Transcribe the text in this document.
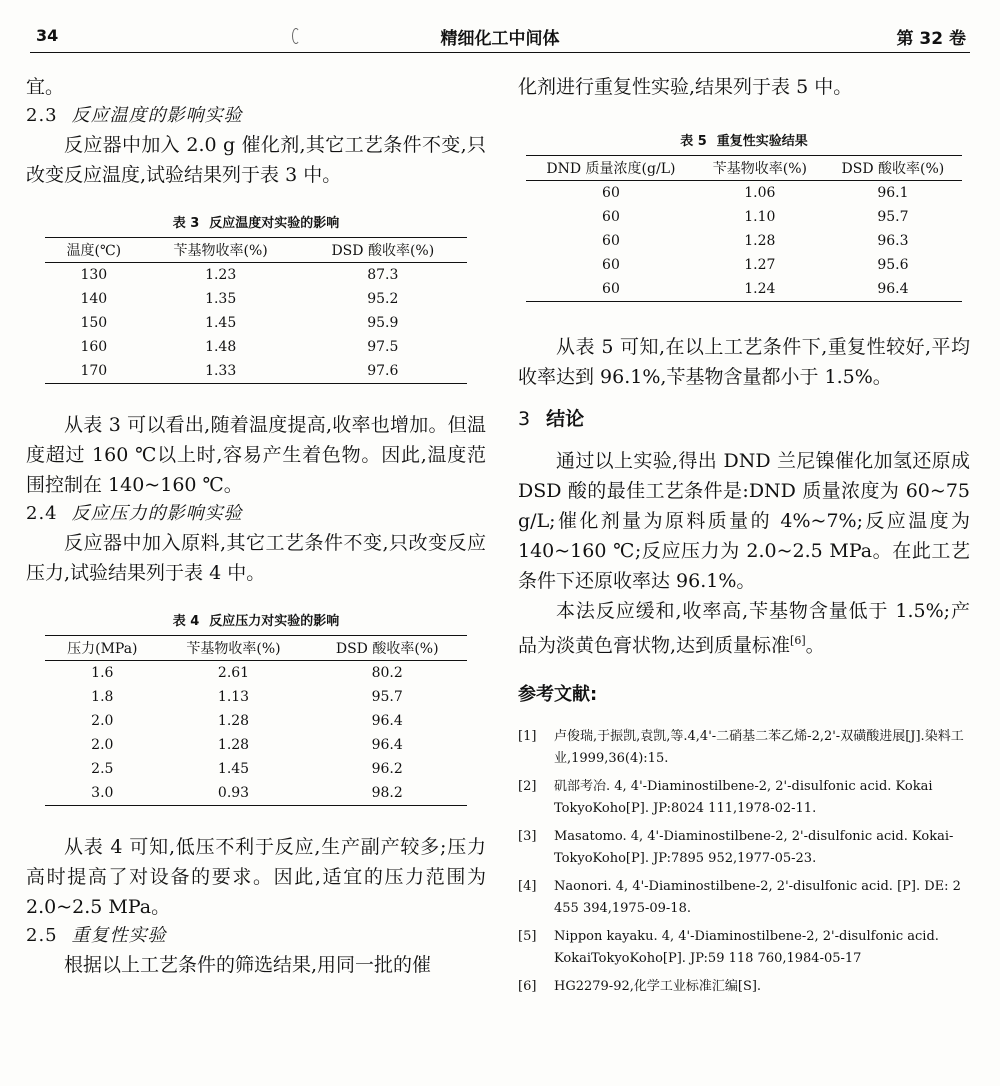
34	精细化工中间体	第 32 卷

宜。

2.3 反应温度的影响实验

反应器中加入 2.0 g 催化剂,其它工艺条件不变,只改变反应温度,试验结果列于表 3 中。

表 3 反应温度对实验的影响

温度(℃)	苄基物收率(%)	DSD 酸收率(%)
130	1.23	87.3
140	1.35	95.2
150	1.45	95.9
160	1.48	97.5
170	1.33	97.6

从表 3 可以看出,随着温度提高,收率也增加。但温度超过 160 ℃以上时,容易产生着色物。因此,温度范围控制在 140~160 ℃。

2.4 反应压力的影响实验

反应器中加入原料,其它工艺条件不变,只改变反应压力,试验结果列于表 4 中。

表 4 反应压力对实验的影响

压力(MPa)	苄基物收率(%)	DSD 酸收率(%)
1.6	2.61	80.2
1.8	1.13	95.7
2.0	1.28	96.4
2.0	1.28	96.4
2.5	1.45	96.2
3.0	0.93	98.2

从表 4 可知,低压不利于反应,生产副产较多;压力高时提高了对设备的要求。因此,适宜的压力范围为 2.0~2.5 MPa。

2.5 重复性实验

根据以上工艺条件的筛选结果,用同一批的催

化剂进行重复性实验,结果列于表 5 中。

表 5 重复性实验结果

DND 质量浓度(g/L)	苄基物收率(%)	DSD 酸收率(%)
60	1.06	96.1
60	1.10	95.7
60	1.28	96.3
60	1.27	95.6
60	1.24	96.4

从表 5 可知,在以上工艺条件下,重复性较好,平均收率达到 96.1%,苄基物含量都小于 1.5%。

3 结论

通过以上实验,得出 DND 兰尼镍催化加氢还原成 DSD 酸的最佳工艺条件是:DND 质量浓度为 60~75 g/L;催化剂量为原料质量的 4%~7%;反应温度为 140~160 ℃;反应压力为 2.0~2.5 MPa。在此工艺条件下还原收率达 96.1%。

本法反应缓和,收率高,苄基物含量低于 1.5%;产品为淡黄色膏状物,达到质量标准[6]。

参考文献:

[1]	卢俊瑞,于振凯,袁凯,等.4,4'-二硝基二苯乙烯-2,2'-双磺酸进展[J].染料工业,1999,36(4):15.
[2]	矶部考冶. 4, 4'-Diaminostilbene-2, 2'-disulfonic acid. Kokai TokyoKoho[P]. JP:8024 111,1978-02-11.
[3]	Masatomo. 4, 4'-Diaminostilbene-2, 2'-disulfonic acid. Kokai-TokyoKoho[P]. JP:7895 952,1977-05-23.
[4]	Naonori. 4, 4'-Diaminostilbene-2, 2'-disulfonic acid. [P]. DE: 2 455 394,1975-09-18.
[5]	Nippon kayaku. 4, 4'-Diaminostilbene-2, 2'-disulfonic acid. KokaiTokyoKoho[P]. JP:59 118 760,1984-05-17
[6]	HG2279-92,化学工业标准汇编[S].
